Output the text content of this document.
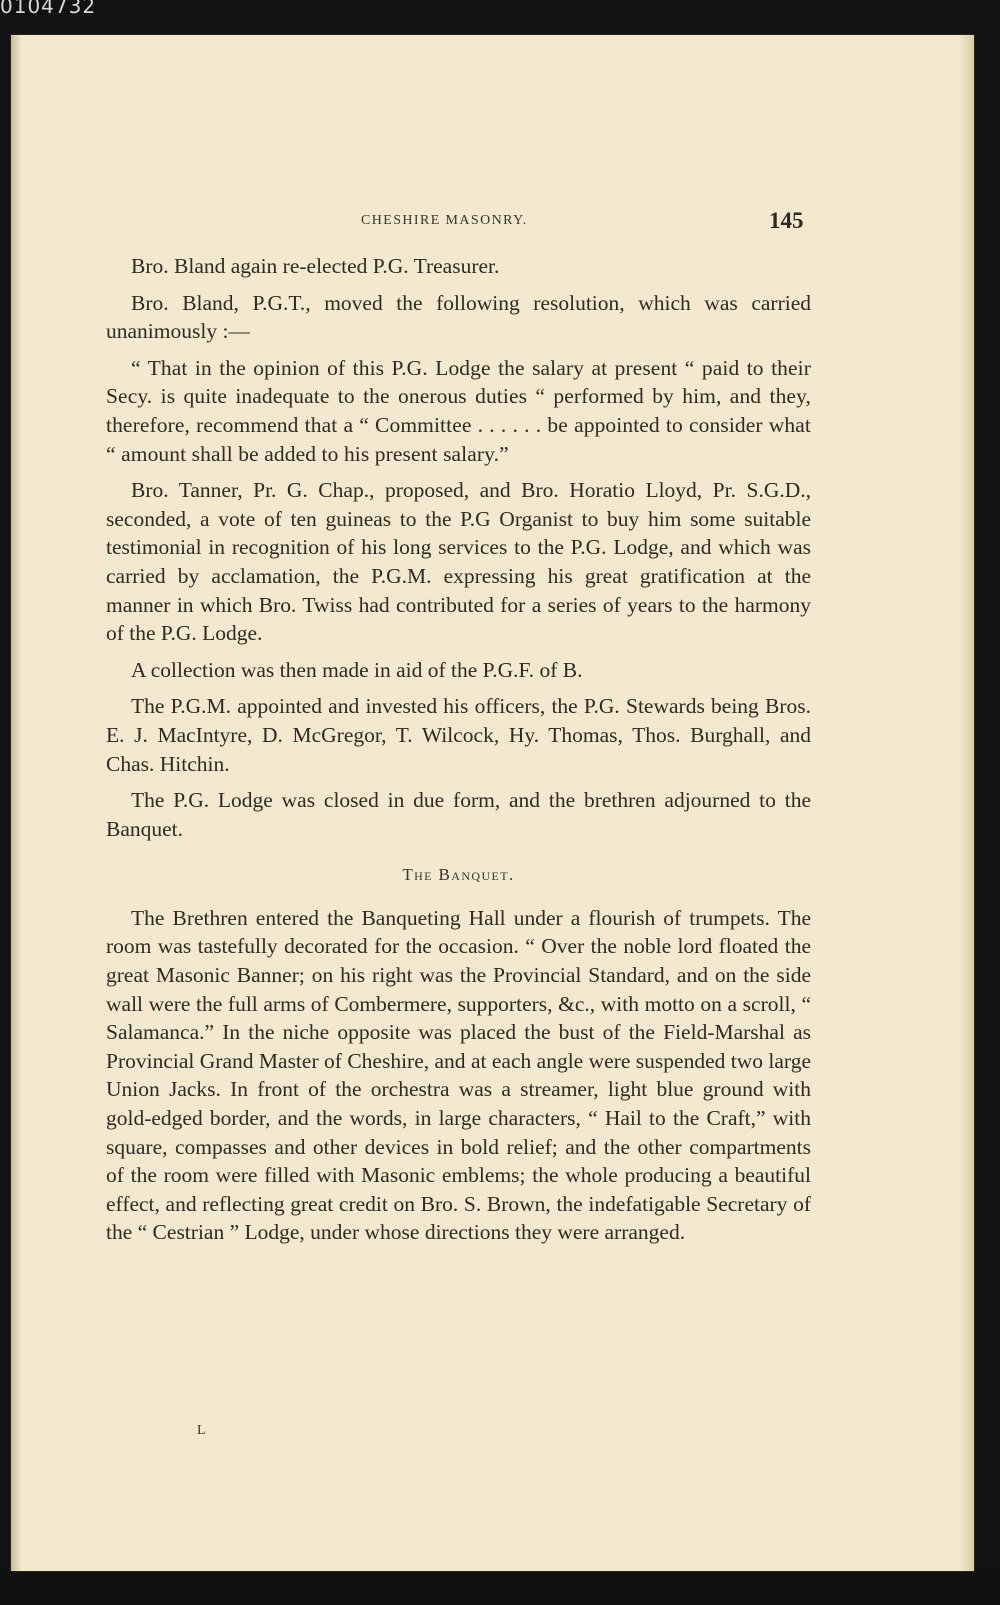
0104732
CHESHIRE MASONRY.	145

Bro. Bland again re-elected P.G. Treasurer.

Bro. Bland, P.G.T., moved the following resolution, which was carried unanimously :—

“ That in the opinion of this P.G. Lodge the salary at present “ paid to their Secy. is quite inadequate to the onerous duties “ performed by him, and they, therefore, recommend that a “ Committee . . . . . . be appointed to consider what “ amount shall be added to his present salary.”

Bro. Tanner, Pr. G. Chap., proposed, and Bro. Horatio Lloyd, Pr. S.G.D., seconded, a vote of ten guineas to the P.G Organist to buy him some suitable testimonial in recognition of his long services to the P.G. Lodge, and which was carried by acclamation, the P.G.M. expressing his great gratification at the manner in which Bro. Twiss had contributed for a series of years to the harmony of the P.G. Lodge.

A collection was then made in aid of the P.G.F. of B.

The P.G.M. appointed and invested his officers, the P.G. Stewards being Bros. E. J. MacIntyre, D. McGregor, T. Wilcock, Hy. Thomas, Thos. Burghall, and Chas. Hitchin.

The P.G. Lodge was closed in due form, and the brethren adjourned to the Banquet.

The Banquet.

The Brethren entered the Banqueting Hall under a flourish of trumpets. The room was tastefully decorated for the occasion. “ Over the noble lord floated the great Masonic Banner; on his right was the Provincial Standard, and on the side wall were the full arms of Combermere, supporters, &c., with motto on a scroll, “ Salamanca.” In the niche opposite was placed the bust of the Field-Marshal as Provincial Grand Master of Cheshire, and at each angle were suspended two large Union Jacks. In front of the orchestra was a streamer, light blue ground with gold-edged border, and the words, in large characters, “ Hail to the Craft,” with square, compasses and other devices in bold relief; and the other compartments of the room were filled with Masonic emblems; the whole producing a beautiful effect, and reflecting great credit on Bro. S. Brown, the indefatigable Secretary of the “ Cestrian ” Lodge, under whose directions they were arranged.

L
